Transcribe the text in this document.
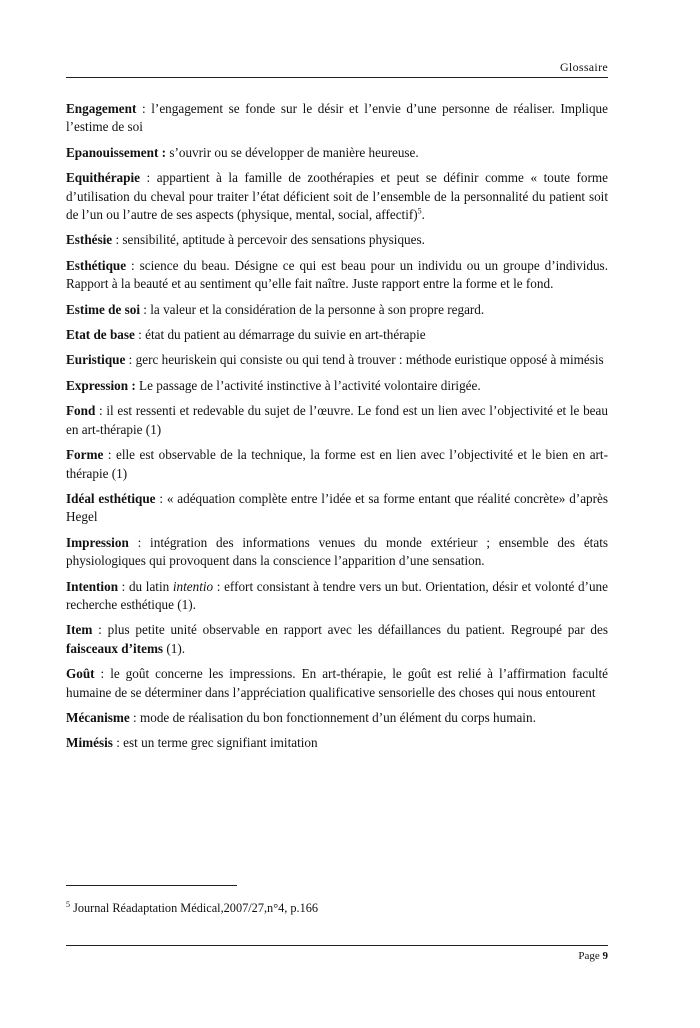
Glossaire

Engagement : l’engagement se fonde sur le désir et l’envie d’une personne de réaliser. Implique l’estime de soi

Epanouissement : s’ouvrir ou se développer de manière heureuse.

Equithérapie : appartient à la famille de zoothérapies et peut se définir comme « toute forme d’utilisation du cheval pour traiter l’état déficient soit de l’ensemble de la personnalité du patient soit de l’un ou l’autre de ses aspects (physique, mental, social, affectif)$^5$.

Esthésie : sensibilité, aptitude à percevoir des sensations physiques.

Esthétique : science du beau. Désigne ce qui est beau pour un individu ou un groupe d’individus. Rapport à la beauté et au sentiment qu’elle fait naître. Juste rapport entre la forme et le fond.

Estime de soi : la valeur et la considération de la personne à son propre regard.

Etat de base : état du patient au démarrage du suivie en art-thérapie

Euristique : gerc heuriskein qui consiste ou qui tend à trouver : méthode euristique opposé à mimésis

Expression : Le passage de l’activité instinctive à l’activité volontaire dirigée.

Fond : il est ressenti et redevable du sujet de l’œuvre. Le fond est un lien avec l’objectivité et le beau en art-thérapie (1)

Forme : elle est observable de la technique, la forme est en lien avec l’objectivité et le bien en art-thérapie (1)

Idéal esthétique : « adéquation complète entre l’idée et sa forme entant que réalité concrète» d’après Hegel

Impression : intégration des informations venues du monde extérieur ; ensemble des états physiologiques qui provoquent dans la conscience l’apparition d’une sensation.

Intention : du latin intentio : effort consistant à tendre vers un but. Orientation, désir et volonté d’une recherche esthétique (1).

Item : plus petite unité observable en rapport avec les défaillances du patient. Regroupé par des faisceaux d’items (1).

Goût : le goût concerne les impressions. En art-thérapie, le goût est relié à l’affirmation faculté humaine de se déterminer dans l’appréciation qualificative sensorielle des choses qui nous entourent

Mécanisme : mode de réalisation du bon fonctionnement d’un élément du corps humain.

Mimésis : est un terme grec signifiant imitation

$^5$ Journal Réadaptation Médical,2007/27,n°4, p.166
Page 9
